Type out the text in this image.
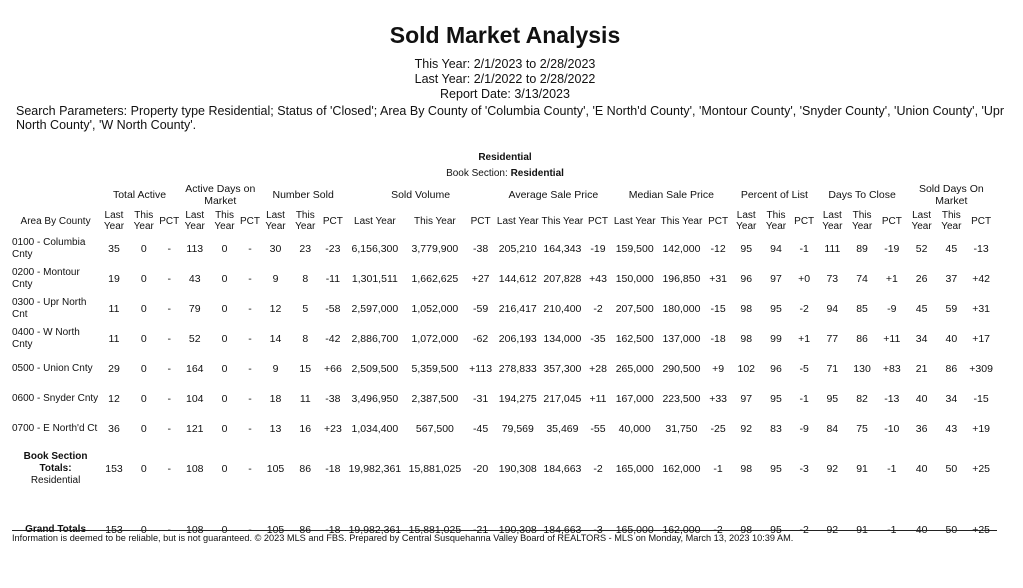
Sold Market Analysis
This Year: 2/1/2023 to 2/28/2023
Last Year: 2/1/2022 to 2/28/2022
Report Date: 3/13/2023
Search Parameters: Property type Residential; Status of 'Closed'; Area By County of 'Columbia County', 'E North'd County', 'Montour County', 'Snyder County', 'Union County', 'Upr North County', 'W North County'.
Residential
Book Section: Residential
	Total Active			Active Days on Market			Number Sold			Sold Volume			Average Sale Price			Median Sale Price			Percent of List			Days To Close			Sold Days On Market		
Area By County	Last Year	This Year	PCT	Last Year	This Year	PCT	Last Year	This Year	PCT	Last Year	This Year	PCT	Last Year	This Year	PCT	Last Year	This Year	PCT	Last Year	This Year	PCT	Last Year	This Year	PCT	Last Year	This Year	PCT
0100 - Columbia Cnty	35	0	-	113	0	-	30	23	-23	6,156,300	3,779,900	-38	205,210	164,343	-19	159,500	142,000	-12	95	94	-1	111	89	-19	52	45	-13
0200 - Montour Cnty	19	0	-	43	0	-	9	8	-11	1,301,511	1,662,625	+27	144,612	207,828	+43	150,000	196,850	+31	96	97	+0	73	74	+1	26	37	+42
0300 - Upr North Cnt	11	0	-	79	0	-	12	5	-58	2,597,000	1,052,000	-59	216,417	210,400	-2	207,500	180,000	-15	98	95	-2	94	85	-9	45	59	+31
0400 - W North Cnty	11	0	-	52	0	-	14	8	-42	2,886,700	1,072,000	-62	206,193	134,000	-35	162,500	137,000	-18	98	99	+1	77	86	+11	34	40	+17
0500 - Union Cnty	29	0	-	164	0	-	9	15	+66	2,509,500	5,359,500	+113	278,833	357,300	+28	265,000	290,500	+9	102	96	-5	71	130	+83	21	86	+309
0600 - Snyder Cnty	12	0	-	104	0	-	18	11	-38	3,496,950	2,387,500	-31	194,275	217,045	+11	167,000	223,500	+33	97	95	-1	95	82	-13	40	34	-15
0700 - E North'd Ct	36	0	-	121	0	-	13	16	+23	1,034,400	567,500	-45	79,569	35,469	-55	40,000	31,750	-25	92	83	-9	84	75	-10	36	43	+19
Book Section Totals:
Residential	153	0	-	108	0	-	105	86	-18	19,982,361	15,881,025	-20	190,308	184,663	-2	165,000	162,000	-1	98	95	-3	92	91	-1	40	50	+25
Grand Totals	153	0	-	108	0	-	105	86	-18	19,982,361	15,881,025	-21	190,308	184,663	-3	165,000	162,000	-2	98	95	-2	92	91	-1	40	50	+25
Information is deemed to be reliable, but is not guaranteed. © 2023 MLS and FBS. Prepared by Central Susquehanna Valley Board of REALTORS - MLS on Monday, March 13, 2023 10:39 AM.
